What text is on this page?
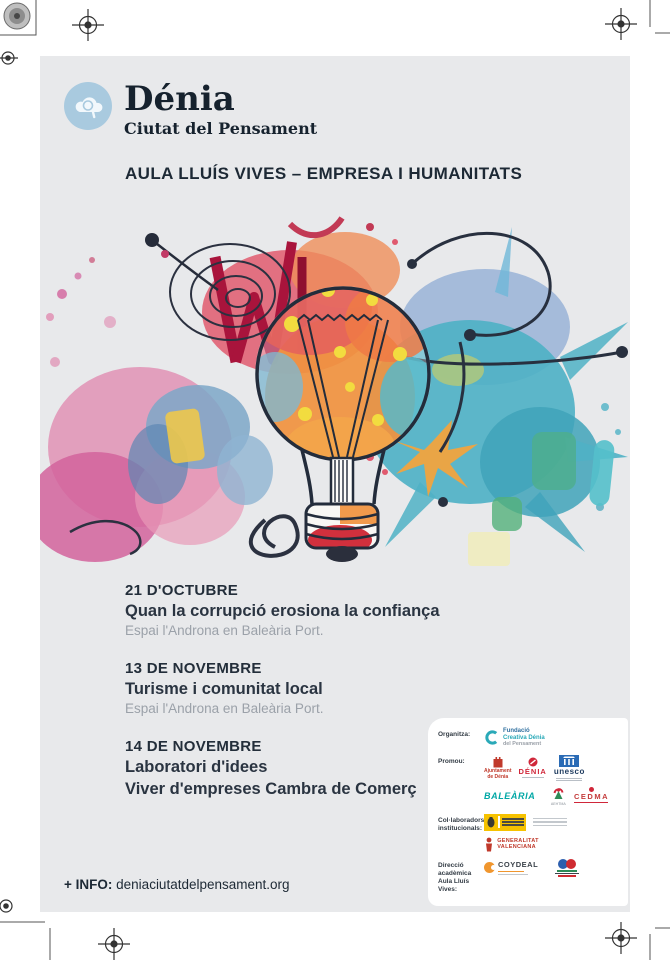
Dénia
Ciutat del Pensament
AULA LLUÍS VIVES – EMPRESA I HUMANITATS
21 D'OCTUBRE
Quan la corrupció erosiona la confiança
Espai l'Androna en Baleària Port.
13 DE NOVEMBRE
Turisme i comunitat local
Espai l'Androna en Baleària Port.
14 DE NOVEMBRE
Laboratori d'idees
Viver d'empreses Cambra de Comerç
+ INFO: deniaciutatdelpensament.org
Organitza:	Fundació
Creativa Dénia
del Pensament
Promou:
Ajuntament
de Dénia
DÉNIA unesco
BALEÀRIA
AEHTMA
CEDMA

Col·laboradors
institucionals:
GENERALITAT
VALENCIANA
Direcció acadèmica
Aula Lluís Vives:
COYDEAL
